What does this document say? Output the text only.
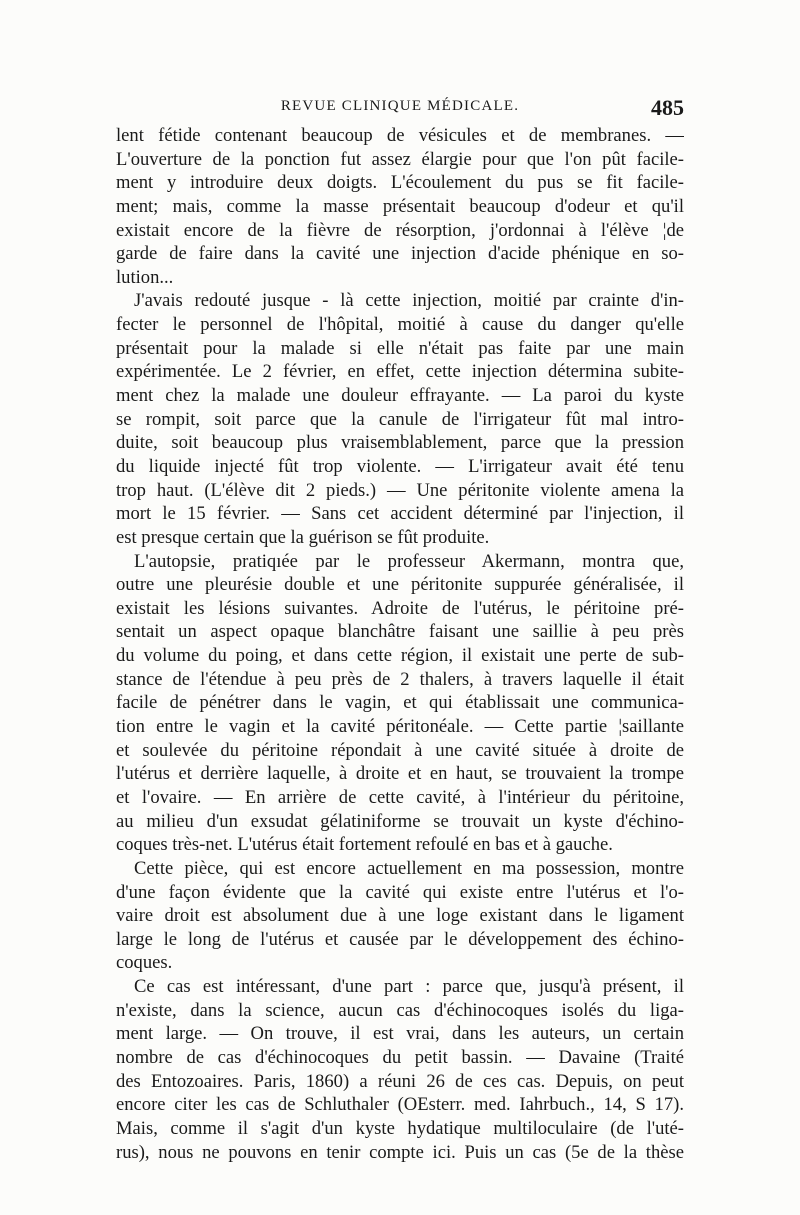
REVUE CLINIQUE MÉDICALE.	485
lent fétide contenant beaucoup de vésicules et de membranes. —
L'ouverture de la ponction fut assez élargie pour que l'on pût facile-
ment y introduire deux doigts. L'écoulement du pus se fit facile-
ment; mais, comme la masse présentait beaucoup d'odeur et qu'il
existait encore de la fièvre de résorption, j'ordonnai à l'élève ¦de
garde de faire dans la cavité une injection d'acide phénique en so-
lution...
J'avais redouté jusque - là cette injection, moitié par crainte d'in-
fecter le personnel de l'hôpital, moitié à cause du danger qu'elle
présentait pour la malade si elle n'était pas faite par une main
expérimentée. Le 2 février, en effet, cette injection détermina subite-
ment chez la malade une douleur effrayante. — La paroi du kyste
se rompit, soit parce que la canule de l'irrigateur fût mal intro-
duite, soit beaucoup plus vraisemblablement, parce que la pression
du liquide injecté fût trop violente. — L'irrigateur avait été tenu
trop haut. (L'élève dit 2 pieds.) — Une péritonite violente amena la
mort le 15 février. — Sans cet accident déterminé par l'injection, il
est presque certain que la guérison se fût produite.
L'autopsie, pratiqıée par le professeur Akermann, montra que,
outre une pleurésie double et une péritonite suppurée généralisée, il
existait les lésions suivantes. Adroite de l'utérus, le péritoine pré-
sentait un aspect opaque blanchâtre faisant une saillie à peu près
du volume du poing, et dans cette région, il existait une perte de sub-
stance de l'étendue à peu près de 2 thalers, à travers laquelle il était
facile de pénétrer dans le vagin, et qui établissait une communica-
tion entre le vagin et la cavité péritonéale. — Cette partie ¦saillante
et soulevée du péritoine répondait à une cavité située à droite de
l'utérus et derrière laquelle, à droite et en haut, se trouvaient la trompe
et l'ovaire. — En arrière de cette cavité, à l'intérieur du péritoine,
au milieu d'un exsudat gélatiniforme se trouvait un kyste d'échino-
coques très-net. L'utérus était fortement refoulé en bas et à gauche.
Cette pièce, qui est encore actuellement en ma possession, montre
d'une façon évidente que la cavité qui existe entre l'utérus et l'o-
vaire droit est absolument due à une loge existant dans le ligament
large le long de l'utérus et causée par le développement des échino-
coques.
Ce cas est intéressant, d'une part : parce que, jusqu'à présent, il
n'existe, dans la science, aucun cas d'échinocoques isolés du liga-
ment large. — On trouve, il est vrai, dans les auteurs, un certain
nombre de cas d'échinocoques du petit bassin. — Davaine (Traité
des Entozoaires. Paris, 1860) a réuni 26 de ces cas. Depuis, on peut
encore citer les cas de Schluthaler (OEsterr. med. Iahrbuch., 14, S 17).
Mais, comme il s'agit d'un kyste hydatique multiloculaire (de l'uté-
rus), nous ne pouvons en tenir compte ici. Puis un cas (5e de la thèse
